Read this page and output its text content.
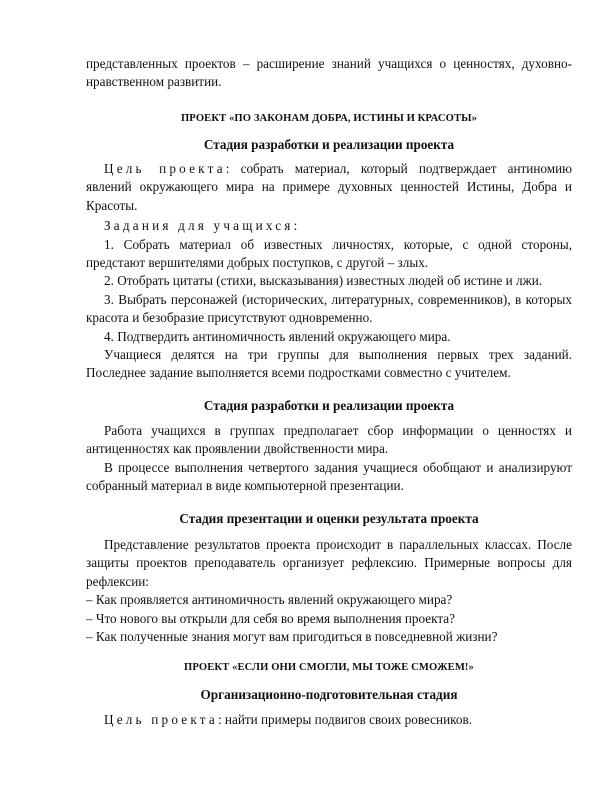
представленных проектов – расширение знаний учащихся о ценностях, духовно-

нравственном развитии.

ПРОЕКТ «ПО ЗАКОНАМ ДОБРА, ИСТИНЫ И КРАСОТЫ»

Стадия разработки и реализации проекта

Цель проекта: собрать материал, который подтверждает антиномию явлений окружающего мира на примере духовных ценностей Истины, Добра и Красоты.

Задания для учащихся:

1. Собрать материал об известных личностях, которые, с одной стороны, предстают вершителями добрых поступков, с другой – злых.

2. Отобрать цитаты (стихи, высказывания) известных людей об истине и лжи.

3. Выбрать персонажей (исторических, литературных, современников), в которых красота и безобразие присутствуют одновременно.

4. Подтвердить антиномичность явлений окружающего мира.

Учащиеся делятся на три группы для выполнения первых трех заданий. Последнее задание выполняется всеми подростками совместно с учителем.

Стадия разработки и реализации проекта

Работа учащихся в группах предполагает сбор информации о ценностях и антиценностях как проявлении двойственности мира.

В процессе выполнения четвертого задания учащиеся обобщают и анализируют собранный материал в виде компьютерной презентации.

Стадия презентации и оценки результата проекта

Представление результатов проекта происходит в параллельных классах. После защиты проектов преподаватель организует рефлексию. Примерные вопросы для рефлексии:

– Как проявляется антиномичность явлений окружающего мира?

– Что нового вы открыли для себя во время выполнения проекта?

– Как полученные знания могут вам пригодиться в повседневной жизни?

ПРОЕКТ «ЕСЛИ ОНИ СМОГЛИ, МЫ ТОЖЕ СМОЖЕМ!»

Организационно-подготовительная стадия

Цель проекта: найти примеры подвигов своих ровесников.
